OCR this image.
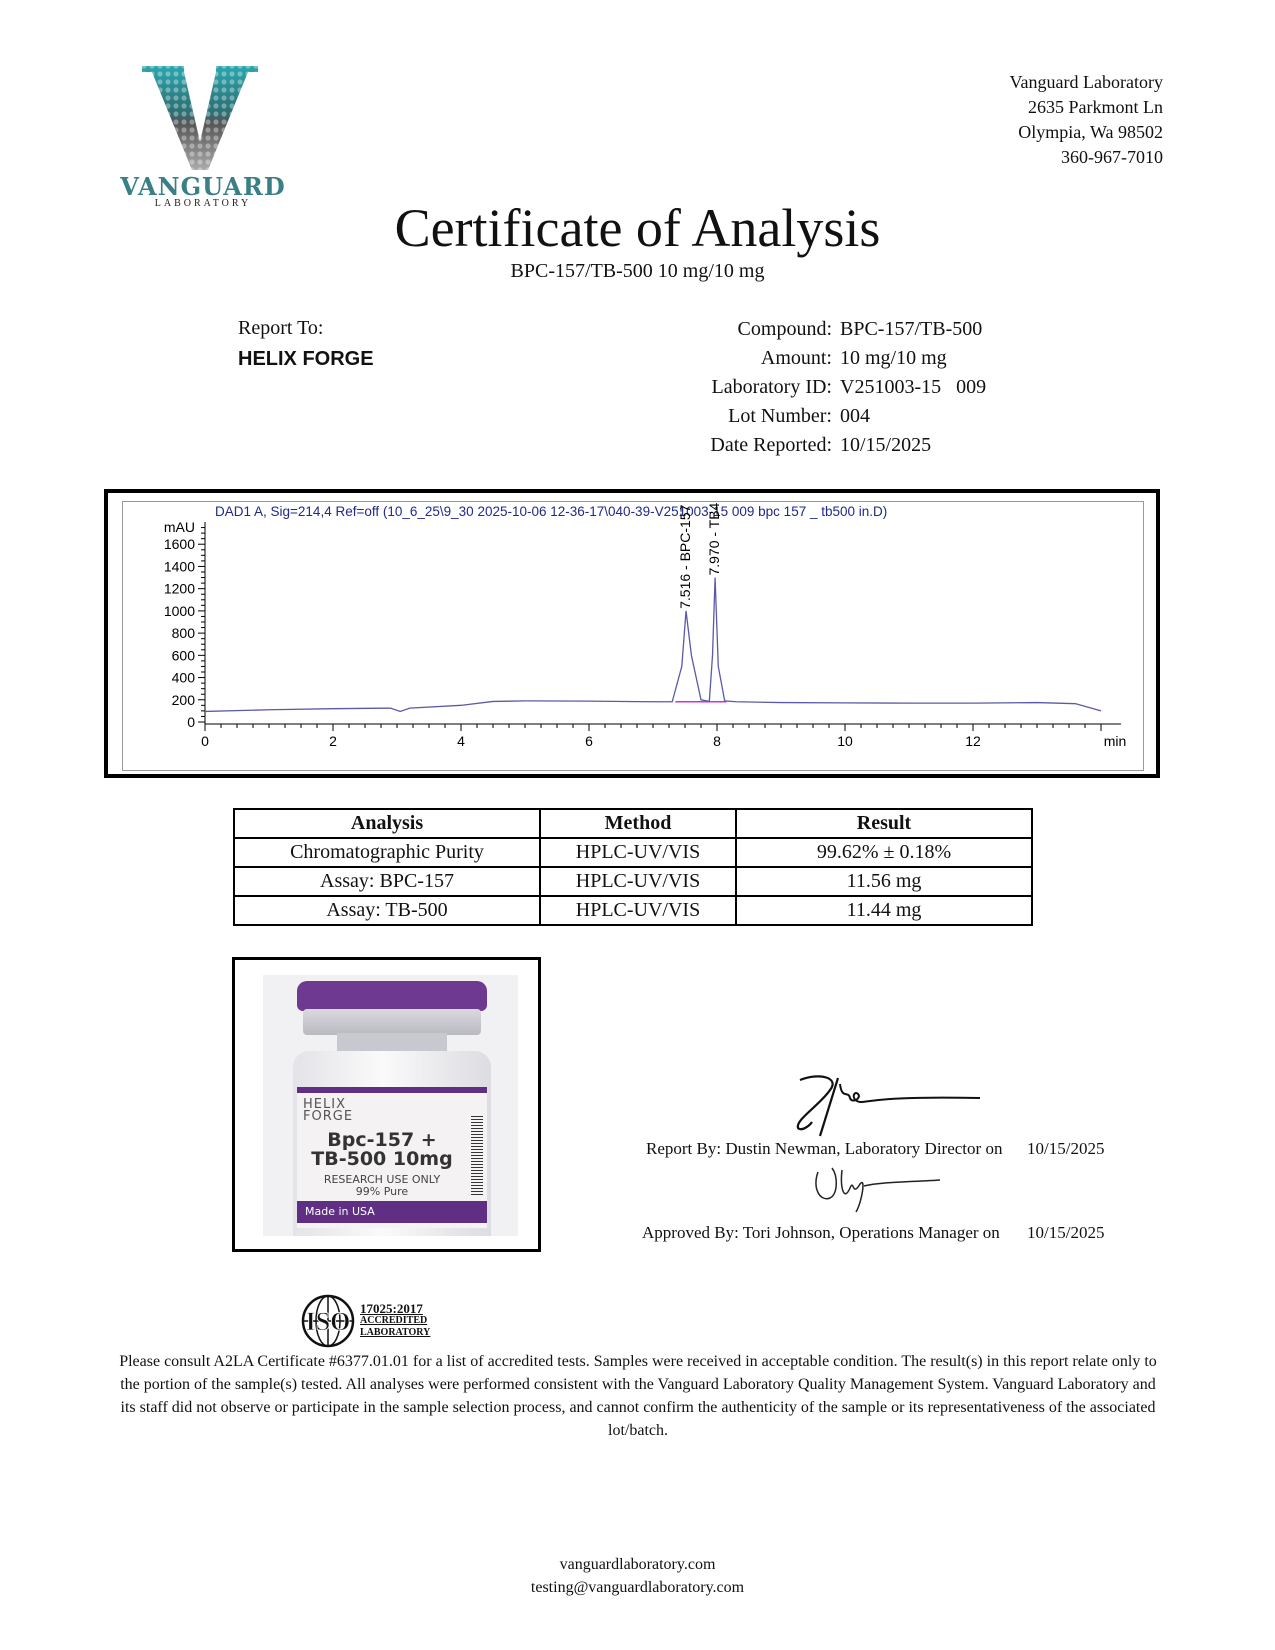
VANGUARD
LABORATORY
Vanguard Laboratory
2635 Parkmont Ln
Olympia, Wa 98502
360-967-7010
Certificate of Analysis
BPC-157/TB-500 10 mg/10 mg
Report To:
HELIX FORGE
Compound: BPC-157/TB-500
Amount: 10 mg/10 mg
Laboratory ID: V251003-15   009
Lot Number: 004
Date Reported: 10/15/2025
DAD1 A, Sig=214,4 Ref=off (10_6_25\9_30 2025-10-06 12-36-17\040-39-V251003-15 009 bpc 157 _ tb500 in.D)
0
200
400
600
800
1000
1200
1400
1600
mAU
0	2	4	6	8	10	12	min
7.516 - BPC-157 7.970 - TB4
Analysis	Method	Result
Chromatographic Purity	HPLC-UV/VIS	99.62% ± 0.18%
Assay: BPC-157	HPLC-UV/VIS	11.56 mg
Assay: TB-500	HPLC-UV/VIS	11.44 mg
HELIX
FORGE
Bpc-157 +
TB-500 10mg
RESEARCH USE ONLY
99% Pure
Made in USA
Report By: Dustin Newman, Laboratory Director on 10/15/2025
Approved By: Tori Johnson, Operations Manager on 10/15/2025
ISO 17025:2017
ACCREDITED
LABORATORY
Please consult A2LA Certificate #6377.01.01 for a list of accredited tests. Samples were received in acceptable condition. The result(s) in this report relate only to the portion of the sample(s) tested. All analyses were performed consistent with the Vanguard Laboratory Quality Management System. Vanguard Laboratory and its staff did not observe or participate in the sample selection process, and cannot confirm the authenticity of the sample or its representativeness of the associated lot/batch.
vanguardlaboratory.com
testing@vanguardlaboratory.com
